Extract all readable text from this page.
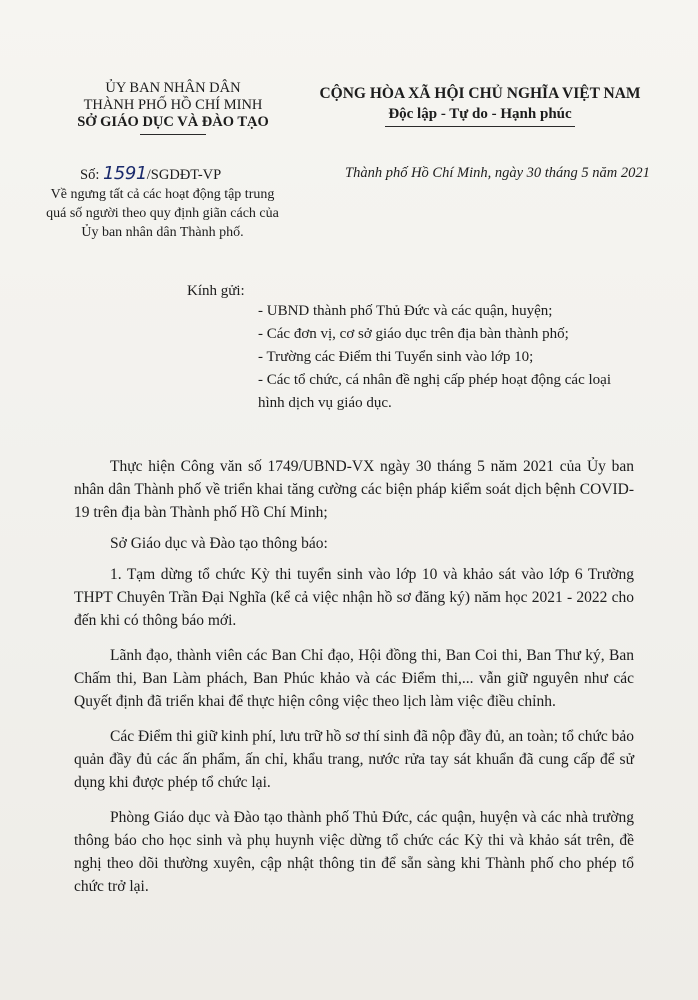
ỦY BAN NHÂN DÂN
THÀNH PHỐ HỒ CHÍ MINH
SỞ GIÁO DỤC VÀ ĐÀO TẠO
CỘNG HÒA XÃ HỘI CHỦ NGHĨA VIỆT NAM
Độc lập - Tự do - Hạnh phúc
Số: 1591/SGDĐT-VP	Thành phố Hồ Chí Minh, ngày 30 tháng 5 năm 2021
Về ngưng tất cả các hoạt động tập trung quá số người theo quy định giãn cách của Ủy ban nhân dân Thành phố.
Kính gửi:

- UBND thành phố Thủ Đức và các quận, huyện;

- Các đơn vị, cơ sở giáo dục trên địa bàn thành phố;

- Trường các Điểm thi Tuyển sinh vào lớp 10;

- Các tổ chức, cá nhân đề nghị cấp phép hoạt động các loại hình dịch vụ giáo dục.

Thực hiện Công văn số 1749/UBND-VX ngày 30 tháng 5 năm 2021 của Ủy ban nhân dân Thành phố về triển khai tăng cường các biện pháp kiểm soát dịch bệnh COVID-19 trên địa bàn Thành phố Hồ Chí Minh;

Sở Giáo dục và Đào tạo thông báo:

1. Tạm dừng tổ chức Kỳ thi tuyển sinh vào lớp 10 và khảo sát vào lớp 6 Trường THPT Chuyên Trần Đại Nghĩa (kể cả việc nhận hồ sơ đăng ký) năm học 2021 - 2022 cho đến khi có thông báo mới.

Lãnh đạo, thành viên các Ban Chỉ đạo, Hội đồng thi, Ban Coi thi, Ban Thư ký, Ban Chấm thi, Ban Làm phách, Ban Phúc khảo và các Điểm thi,... vẫn giữ nguyên như các Quyết định đã triển khai để thực hiện công việc theo lịch làm việc điều chỉnh.

Các Điểm thi giữ kinh phí, lưu trữ hồ sơ thí sinh đã nộp đầy đủ, an toàn; tổ chức bảo quản đầy đủ các ấn phẩm, ấn chỉ, khẩu trang, nước rửa tay sát khuẩn đã cung cấp để sử dụng khi được phép tổ chức lại.

Phòng Giáo dục và Đào tạo thành phố Thủ Đức, các quận, huyện và các nhà trường thông báo cho học sinh và phụ huynh việc dừng tổ chức các Kỳ thi và khảo sát trên, đề nghị theo dõi thường xuyên, cập nhật thông tin để sẵn sàng khi Thành phố cho phép tổ chức trở lại.
